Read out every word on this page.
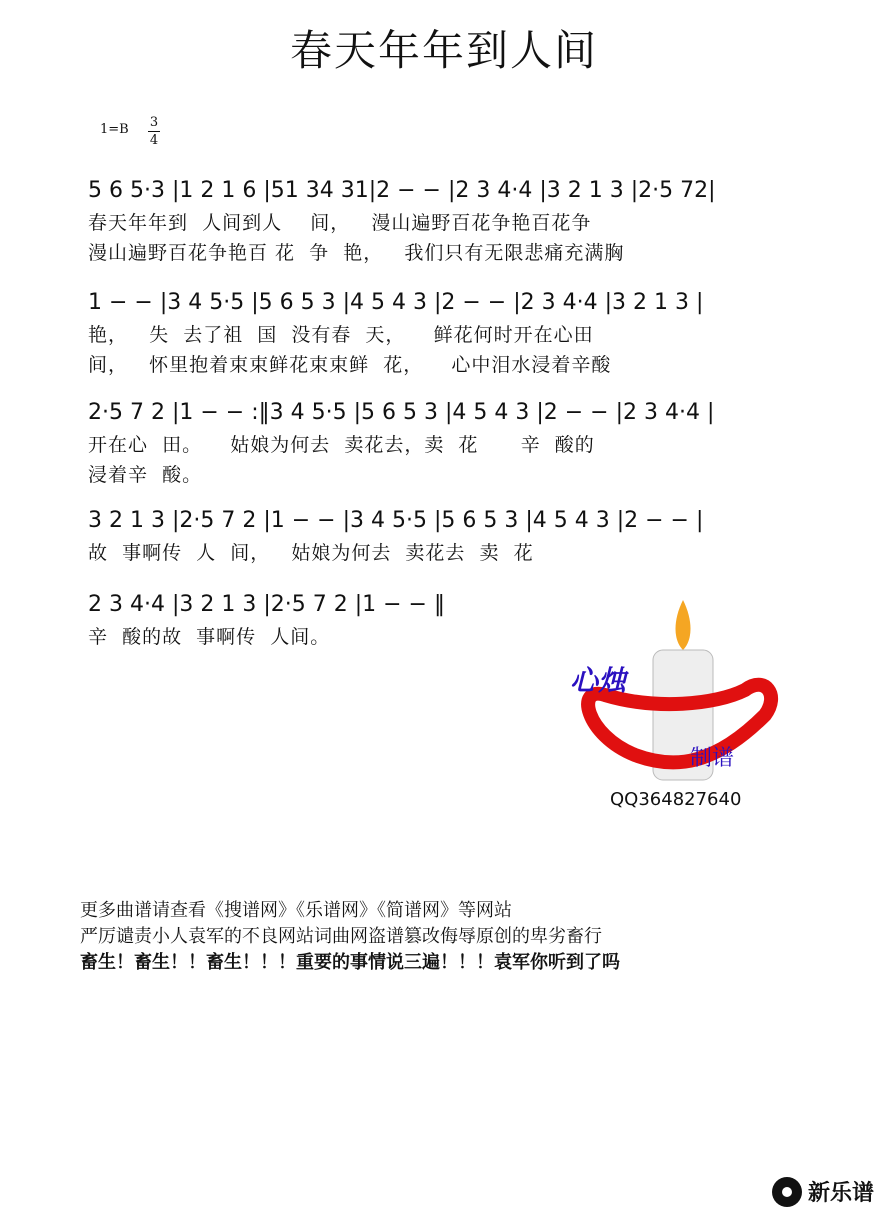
春天年年到人间
1=B 3
4
5 6 5·3 |1 2 1 6 |51 34 31|2 − − |2 3 4·4 |3 2 1 3 |2·5 72|
春天年年到  人间到人    间，   漫山遍野百花争艳百花争
漫山遍野百花争艳百 花  争  艳，   我们只有无限悲痛充满胸
1 − − |3 4 5·5 |5 6 5 3 |4 5 4 3 |2 − − |2 3 4·4 |3 2 1 3 |
艳，   失  去了祖  国  没有春  天，    鲜花何时开在心田
间，   怀里抱着束束鲜花束束鲜  花，    心中泪水浸着辛酸
2·5 7 2 |1 − − :‖3 4 5·5 |5 6 5 3 |4 5 4 3 |2 − − |2 3 4·4 |
开在心  田。    姑娘为何去  卖花去，卖  花      辛  酸的
浸着辛  酸。
3 2 1 3 |2·5 7 2 |1 − − |3 4 5·5 |5 6 5 3 |4 5 4 3 |2 − − |
故  事啊传  人  间，   姑娘为何去  卖花去  卖  花
2 3 4·4 |3 2 1 3 |2·5 7 2 |1 − − ‖
辛  酸的故  事啊传  人间。
心烛
制谱
QQ364827640
更多曲谱请查看《搜谱网》《乐谱网》《简谱网》等网站
严厉谴责小人袁军的不良网站词曲网盗谱篡改侮辱原创的卑劣畜行
畜生！畜生！！畜生！！！重要的事情说三遍！！！袁军你听到了吗
新乐谱
